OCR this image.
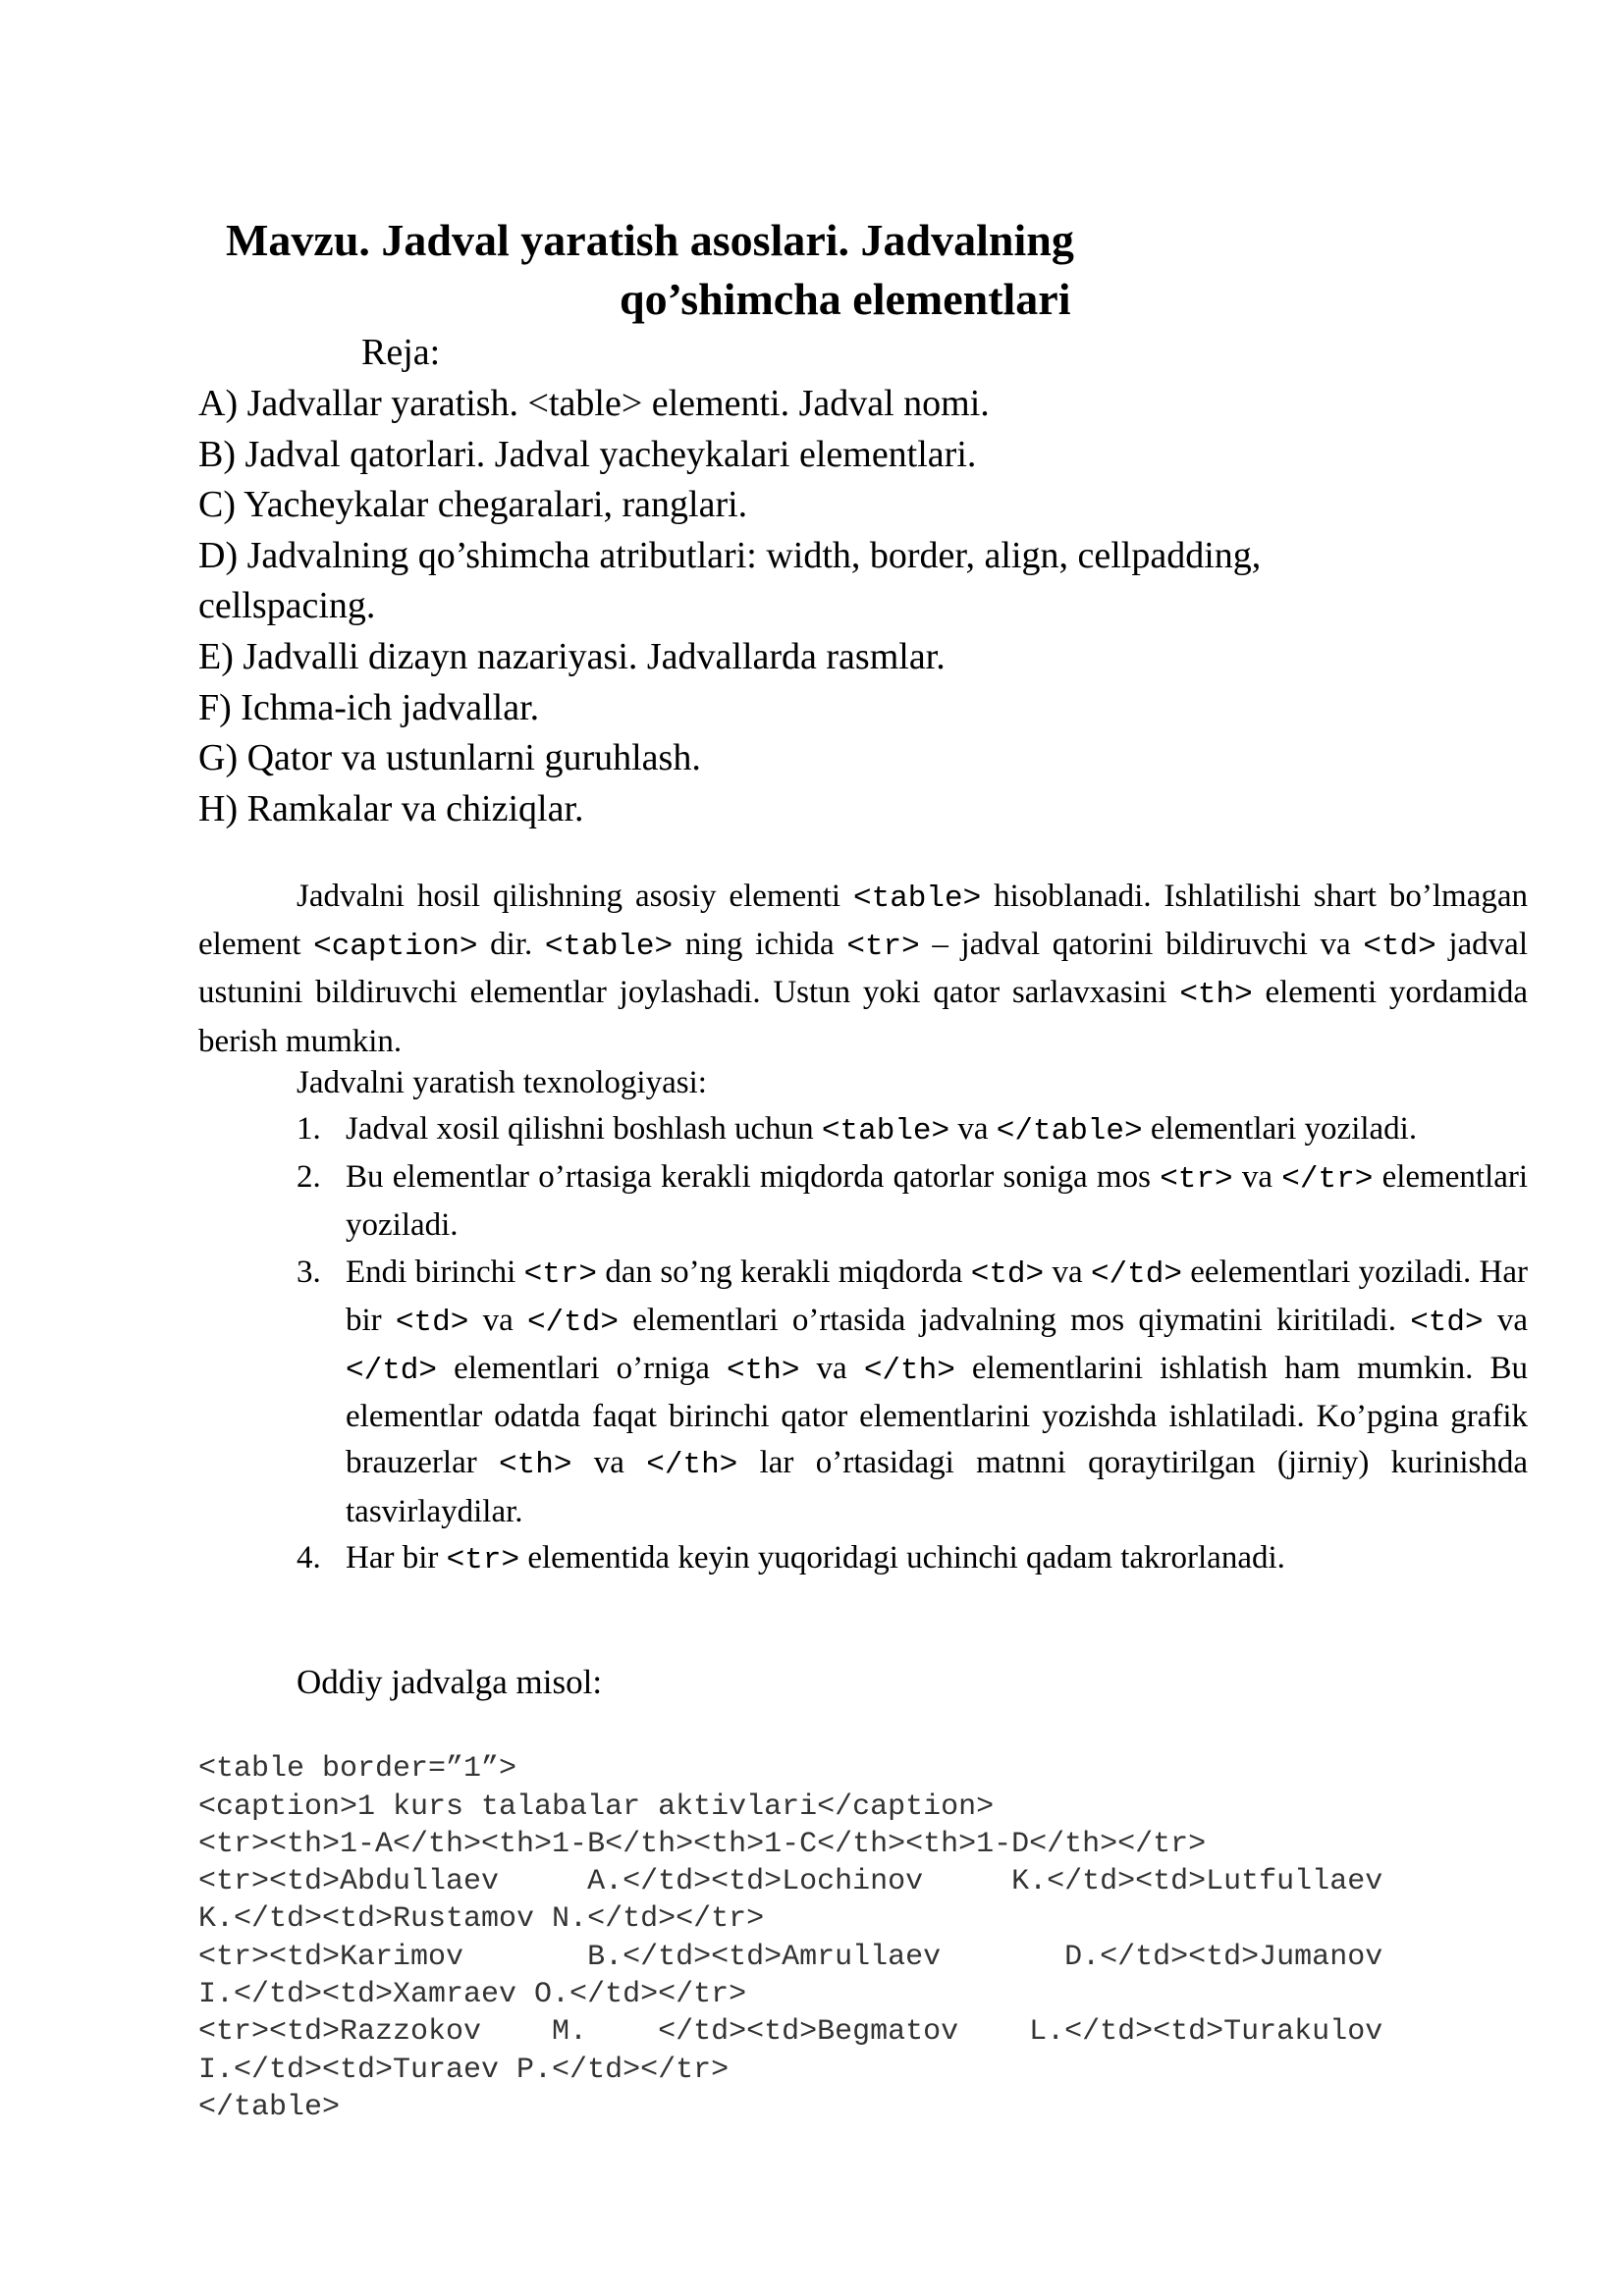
Mavzu. Jadval yaratish asoslari. Jadvalning
qo’shimcha elementlari
Reja:
A) Jadvallar yaratish. <table> elementi. Jadval nomi.
B) Jadval qatorlari. Jadval yacheykalari elementlari.
C) Yacheykalar chegaralari, ranglari.
D) Jadvalning qo’shimcha atributlari: width, border, align, cellpadding,
cellspacing.
E) Jadvalli dizayn nazariyasi. Jadvallarda rasmlar.
F) Ichma-ich jadvallar.
G) Qator va ustunlarni guruhlash.
H) Ramkalar va chiziqlar.

Jadvalni hosil qilishning asosiy elementi <table> hisoblanadi. Ishlatilishi shart bo’lmagan element <caption> dir. <table> ning ichida <tr> – jadval qatorini bildiruvchi va <td> jadval ustunini bildiruvchi elementlar joylashadi. Ustun yoki qator sarlavxasini <th> elementi yordamida berish mumkin.

Jadvalni yaratish texnologiyasi:
1. Jadval xosil qilishni boshlash uchun <table> va </table> elementlari yoziladi.
2. Bu elementlar o’rtasiga kerakli miqdorda qatorlar soniga mos <tr> va </tr> elementlari yoziladi.
3. Endi birinchi <tr> dan so’ng kerakli miqdorda <td> va </td> eelementlari yoziladi. Har bir <td> va </td> elementlari o’rtasida jadvalning mos qiymatini kiritiladi. <td> va </td> elementlari o’rniga <th> va </th> elementlarini ishlatish ham mumkin. Bu elementlar odatda faqat birinchi qator elementlarini yozishda ishlatiladi. Ko’pgina grafik brauzerlar <th> va </th> lar o’rtasidagi matnni qoraytirilgan (jirniy) kurinishda tasvirlaydilar.
4. Har bir <tr> elementida keyin yuqoridagi uchinchi qadam takrorlanadi.
Oddiy jadvalga misol:

<table border=”1”>
<caption>1 kurs talabalar aktivlari</caption>
<tr><th>1-A</th><th>1-B</th><th>1-C</th><th>1-D</th></tr>
<tr><td>Abdullaev     A.</td><td>Lochinov     K.</td><td>Lutfullaev
K.</td><td>Rustamov N.</td></tr>
<tr><td>Karimov       B.</td><td>Amrullaev       D.</td><td>Jumanov
I.</td><td>Xamraev O.</td></tr>
<tr><td>Razzokov    M.    </td><td>Begmatov    L.</td><td>Turakulov
I.</td><td>Turaev P.</td></tr>
</table>
